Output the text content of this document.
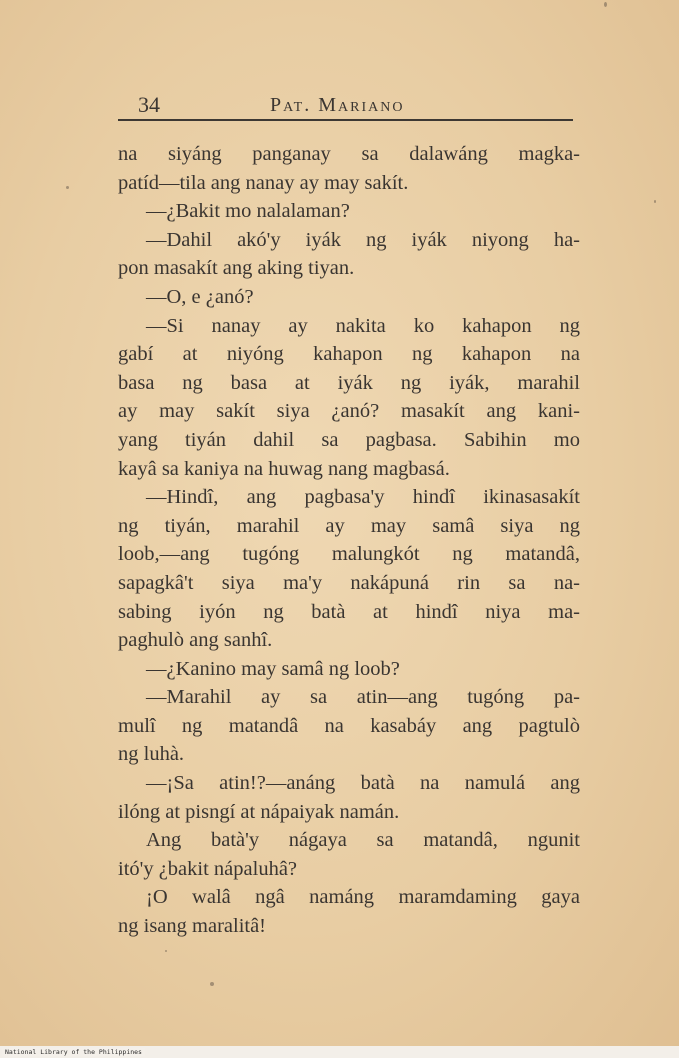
34	Pat. Mariano
na siyáng panganay sa dalawáng magka-
patíd—tila ang nanay ay may sakít.
—¿Bakit mo nalalaman?
—Dahil akó'y iyák ng iyák niyong ha-
pon masakít ang aking tiyan.
—O, e ¿anó?
—Si nanay ay nakita ko kahapon ng
gabí at niyóng kahapon ng kahapon na
basa ng basa at iyák ng iyák, marahil
ay may sakít siya ¿anó? masakít ang kani-
yang tiyán dahil sa pagbasa. Sabihin mo
kayâ sa kaniya na huwag nang magbasá.
—Hindî, ang pagbasa'y hindî ikinasasakít
ng tiyán, marahil ay may samâ siya ng
loob,—ang tugóng malungkót ng matandâ,
sapagkâ't siya ma'y nakápuná rin sa na-
sabing iyón ng batà at hindî niya ma-
paghulò ang sanhî.
—¿Kanino may samâ ng loob?
—Marahil ay sa atin—ang tugóng pa-
mulî ng matandâ na kasabáy ang pagtulò
ng luhà.
—¡Sa atin!?—anáng batà na namulá ang
ilóng at pisngí at nápaiyak namán.
Ang batà'y nágaya sa matandâ, ngunit
itó'y ¿bakit nápaluhâ?
¡O walâ ngâ namáng maramdaming gaya
ng isang maralitâ!
National Library of the Philippines
